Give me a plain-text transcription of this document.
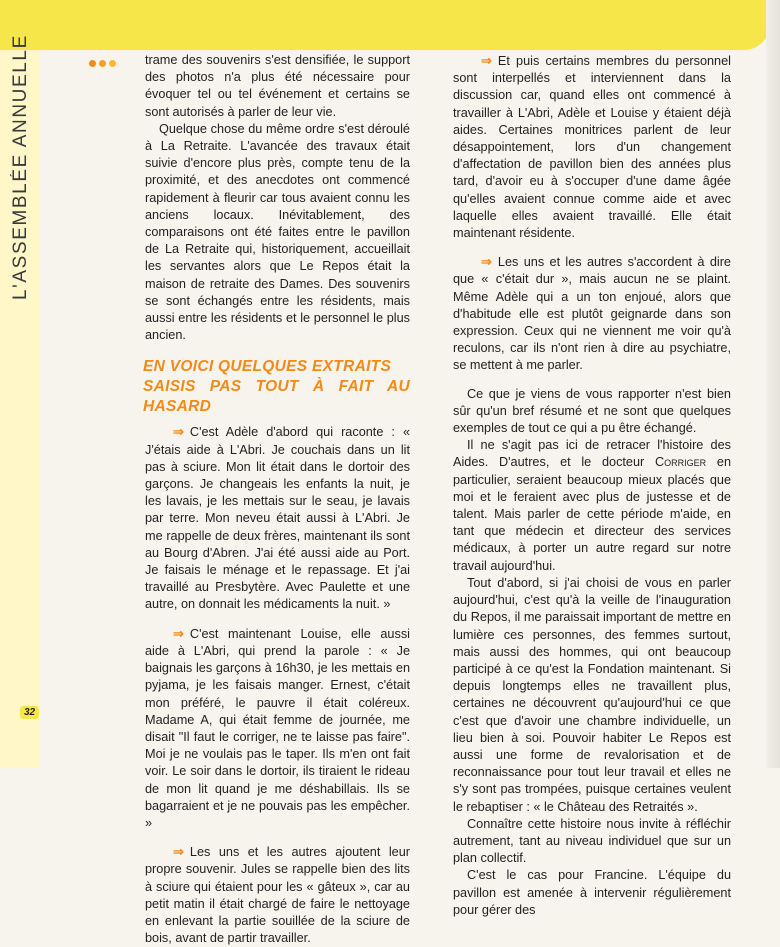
L'ASSEMBLÉE ANNUELLE	trame des souvenirs s'est densifiée, le support des photos n'a plus été nécessaire pour évoquer tel ou tel événement et certains se sont autorisés à parler de leur vie.

Quelque chose du même ordre s'est déroulé à La Retraite. L'avancée des travaux était suivie d'encore plus près, compte tenu de la proximité, et des anecdotes ont commencé rapidement à fleurir car tous avaient connu les anciens locaux. Inévitablement, des comparaisons ont été faites entre le pavillon de La Retraite qui, historiquement, accueillait les servantes alors que Le Repos était la maison de retraite des Dames. Des souvenirs se sont échangés entre les résidents, mais aussi entre les résidents et le personnel le plus ancien.

EN VOICI QUELQUES EXTRAITS
SAISIS PAS TOUT À FAIT AU HASARD

⇒ C'est Adèle d'abord qui raconte : « J'étais aide à L'Abri. Je couchais dans un lit pas à sciure. Mon lit était dans le dortoir des garçons. Je changeais les enfants la nuit, je les lavais, je les mettais sur le seau, je lavais par terre. Mon neveu était aussi à L'Abri. Je me rappelle de deux frères, maintenant ils sont au Bourg d'Abren. J'ai été aussi aide au Port. Je faisais le ménage et le repassage. Et j'ai travaillé au Presbytère. Avec Paulette et une autre, on donnait les médicaments la nuit. »

⇒ C'est maintenant Louise, elle aussi aide à L'Abri, qui prend la parole : « Je baignais les garçons à 16h30, je les mettais en pyjama, je les faisais manger. Ernest, c'était mon préféré, le pauvre il était coléreux. Madame A, qui était femme de journée, me disait "Il faut le corriger, ne te laisse pas faire". Moi je ne voulais pas le taper. Ils m'en ont fait voir. Le soir dans le dortoir, ils tiraient le rideau de mon lit quand je me déshabillais. Ils se bagarraient et je ne pouvais pas les empêcher. »

⇒ Les uns et les autres ajoutent leur propre souvenir. Jules se rappelle bien des lits à sciure qui étaient pour les « gâteux », car au petit matin il était chargé de faire le nettoyage en enlevant la partie souillée de la sciure de bois, avant de partir travailler.

⇒ Et puis certains membres du personnel sont interpellés et interviennent dans la discussion car, quand elles ont commencé à travailler à L'Abri, Adèle et Louise y étaient déjà aides. Certaines monitrices parlent de leur désappointement, lors d'un changement d'affectation de pavillon bien des années plus tard, d'avoir eu à s'occuper d'une dame âgée qu'elles avaient connue comme aide et avec laquelle elles avaient travaillé. Elle était maintenant résidente.

⇒ Les uns et les autres s'accordent à dire que « c'était dur », mais aucun ne se plaint. Même Adèle qui a un ton enjoué, alors que d'habitude elle est plutôt geignarde dans son expression. Ceux qui ne viennent me voir qu'à reculons, car ils n'ont rien à dire au psychiatre, se mettent à me parler.

Ce que je viens de vous rapporter n'est bien sûr qu'un bref résumé et ne sont que quelques exemples de tout ce qui a pu être échangé.

Il ne s'agit pas ici de retracer l'histoire des Aides. D'autres, et le docteur Corriger en particulier, seraient beaucoup mieux placés que moi et le feraient avec plus de justesse et de talent. Mais parler de cette période m'aide, en tant que médecin et directeur des services médicaux, à porter un autre regard sur notre travail aujourd'hui.

Tout d'abord, si j'ai choisi de vous en parler aujourd'hui, c'est qu'à la veille de l'inauguration du Repos, il me paraissait important de mettre en lumière ces personnes, des femmes surtout, mais aussi des hommes, qui ont beaucoup participé à ce qu'est la Fondation maintenant. Si depuis longtemps elles ne travaillent plus, certaines ne découvrent qu'aujourd'hui ce que c'est que d'avoir une chambre individuelle, un lieu bien à soi. Pouvoir habiter Le Repos est aussi une forme de revalorisation et de reconnaissance pour tout leur travail et elles ne s'y sont pas trompées, puisque certaines veulent le rebaptiser : « le Château des Retraités ».

Connaître cette histoire nous invite à réfléchir autrement, tant au niveau individuel que sur un plan collectif.

C'est le cas pour Francine. L'équipe du pavillon est amenée à intervenir régulièrement pour gérer des

32
